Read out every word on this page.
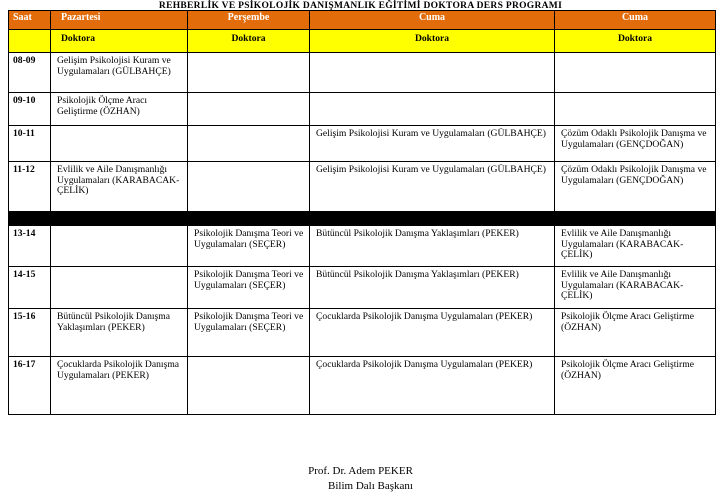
REHBERLİK VE PSİKOLOJİK DANIŞMANLIK EĞİTİMİ DOKTORA DERS PROGRAMI
Saat	Pazartesi	Perşembe	Cuma	Cuma
	Doktora	Doktora	Doktora	Doktora
08-09	Gelişim Psikolojisi Kuram ve Uygulamaları (GÜLBAHÇE)			
09-10	Psikolojik Ölçme Aracı Geliştirme (ÖZHAN)			
10-11			Gelişim Psikolojisi Kuram ve Uygulamaları (GÜLBAHÇE)	Çözüm Odaklı Psikolojik Danışma ve Uygulamaları (GENÇDOĞAN)
11-12	Evlilik ve Aile Danışmanlığı Uygulamaları (KARABACAK-ÇELİK)		Gelişim Psikolojisi Kuram ve Uygulamaları (GÜLBAHÇE)	Çözüm Odaklı Psikolojik Danışma ve Uygulamaları (GENÇDOĞAN)

13-14		Psikolojik Danışma Teori ve Uygulamaları (SEÇER)	Bütüncül Psikolojik Danışma Yaklaşımları (PEKER)	Evlilik ve Aile Danışmanlığı Uygulamaları (KARABACAK-ÇELİK)
14-15		Psikolojik Danışma Teori ve Uygulamaları (SEÇER)	Bütüncül Psikolojik Danışma Yaklaşımları (PEKER)	Evlilik ve Aile Danışmanlığı Uygulamaları (KARABACAK-ÇELİK)
15-16	Bütüncül Psikolojik Danışma Yaklaşımları (PEKER)	Psikolojik Danışma Teori ve Uygulamaları (SEÇER)	Çocuklarda Psikolojik Danışma Uygulamaları (PEKER)	Psikolojik Ölçme Aracı Geliştirme (ÖZHAN)
16-17	Çocuklarda Psikolojik Danışma Uygulamaları (PEKER)		Çocuklarda Psikolojik Danışma Uygulamaları (PEKER)	Psikolojik Ölçme Aracı Geliştirme (ÖZHAN)
Prof. Dr. Adem PEKER
Bilim Dalı Başkanı
